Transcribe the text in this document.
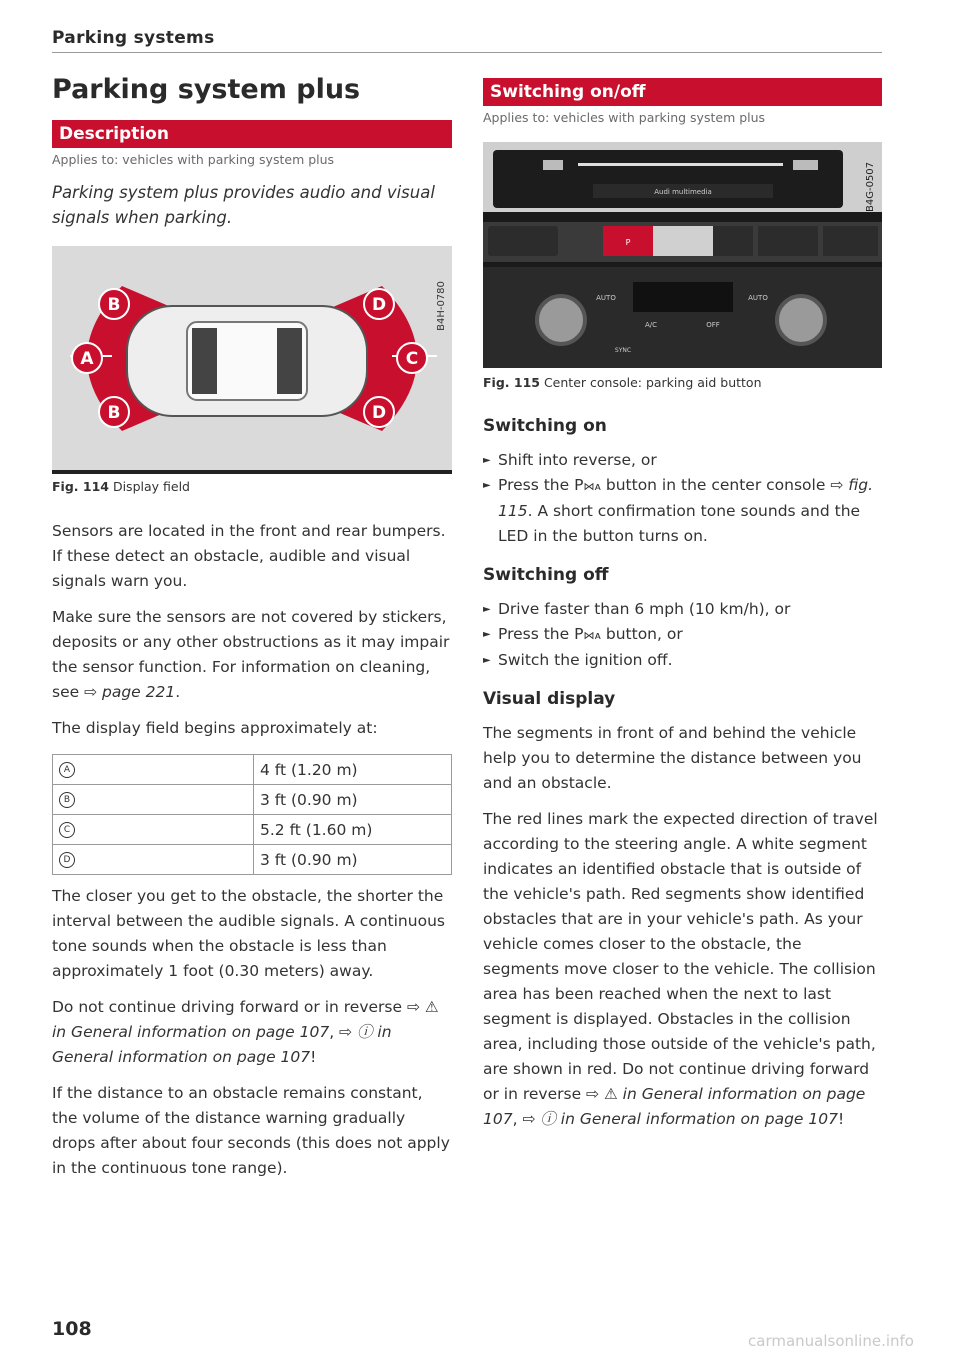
Parking systems
Parking system plus
Description
Applies to: vehicles with parking system plus
Parking system plus provides audio and visual signals when parking.
B
A
B
D
C
D
B4H-0780
Fig. 114 Display field
Sensors are located in the front and rear bumpers. If these detect an obstacle, audible and visual signals warn you.
Make sure the sensors are not covered by stickers, deposits or any other obstructions as it may impair the sensor function. For information on cleaning, see ⇨ page 221.
The display field begins approximately at:
A	4 ft (1.20 m)
B	3 ft (0.90 m)
C	5.2 ft (1.60 m)
D	3 ft (0.90 m)
The closer you get to the obstacle, the shorter the interval between the audible signals. A continuous tone sounds when the obstacle is less than approximately 1 foot (0.30 meters) away.
Do not continue driving forward or in reverse ⇨ ⚠ in General information on page 107, ⇨ ⓘ in General information on page 107!
If the distance to an obstacle remains constant, the volume of the distance warning gradually drops after about four seconds (this does not apply in the continuous tone range).
Switching on/off
Applies to: vehicles with parking system plus
Audi multimedia
P
AUTO	AUTO
A/C	OFF
SYNC
B4G-0507
Fig. 115 Center console: parking aid button
Switching on
► Shift into reverse, or
► Press the P⋈ᴀ button in the center console ⇨ fig. 115. A short confirmation tone sounds and the LED in the button turns on.
Switching off
► Drive faster than 6 mph (10 km/h), or
► Press the P⋈ᴀ button, or
► Switch the ignition off.
Visual display
The segments in front of and behind the vehicle help you to determine the distance between you and an obstacle.
The red lines mark the expected direction of travel according to the steering angle. A white segment indicates an identified obstacle that is outside of the vehicle's path. Red segments show identified obstacles that are in your vehicle's path. As your vehicle comes closer to the obstacle, the segments move closer to the vehicle. The collision area has been reached when the next to last segment is displayed. Obstacles in the collision area, including those outside of the vehicle's path, are shown in red. Do not continue driving forward or in reverse ⇨ ⚠ in General information on page 107, ⇨ ⓘ in General information on page 107!
108
carmanualsonline.info
